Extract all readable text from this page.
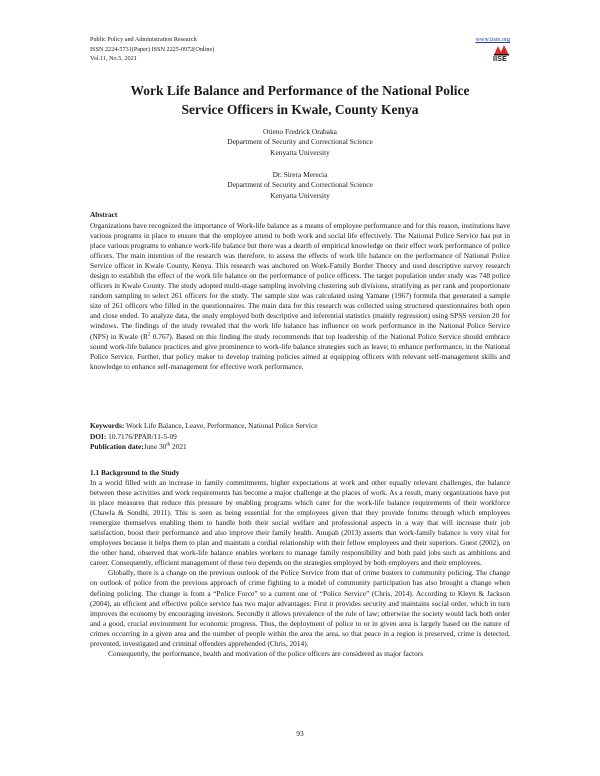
Public Policy and Administration Research
ISSN 2224-5731(Paper) ISSN 2225-0972(Online)
Vol.11, No.5, 2021
www.iiste.org
IISE
Work Life Balance and Performance of the National Police
Service Officers in Kwale, County Kenya
Otieno Fredrick Orabaka
Department of Security and Correctional Science
Kenyatta University
Dr. Sirera Merecia
Department of Security and Correctional Science
Kenyatta University
Abstract
Organizations have recognized the importance of Work-life balance as a means of employee performance and for this reason, institutions have various programs in place to ensure that the employee attend to both work and social life effectively. The National Police Service has put in place various programs to enhance work-life balance but there was a dearth of empirical knowledge on their effect work performance of police officers. The main intention of the research was therefore, to assess the effects of work life balance on the performance of National Police Service officer in Kwale County, Kenya. This research was anchored on Work-Family Border Theory and used descriptive survey research design to establish the effect of the work life balance on the performance of police officers. The target population under study was 748 police officers in Kwale County. The study adopted multi-stage sampling involving clustering sub divisions, stratifying as per rank and proportionate random sampling to select 261 officers for the study. The sample size was calculated using Yamane (1967) formula that generated a sample size of 261 officers who filled in the questionnaires. The main data for this research was collected using structured questionnaires both open and close ended. To analyze data, the study employed both descriptive and inferential statistics (mainly regression) using SPSS version 20 for windows. The findings of the study revealed that the work life balance has influence on work performance in the National Police Service (NPS) in Kwale ($R^2$ 0.767). Based on this finding the study recommends that top leadership of the National Police Service should embrace sound work-life balance practices and give prominence to work-life balance strategies such as leave; to enhance performance, in the National Police Service. Further, that policy maker to develop training policies aimed at equipping officers with relevant self-management skills and knowledge to enhance self-management for effective work performance.
Keywords: Work Life Balance, Leave, Performance, National Police Service
DOI: 10.7176/PPAR/11-5-09
Publication date:June 30th 2021
1.1 Background to the Study

In a world filled with an increase in family commitments, higher expectations at work and other equally relevant challenges, the balance between these activities and work requirements has become a major challenge at the places of work. As a result, many organizations have put in place measures that reduce this pressure by enabling programs which cater for the work-life balance requirements of their workforce (Chawla & Sondhi, 2011). This is seen as being essential for the employees given that they provide forums through which employees reenergize themselves enabling them to handle both their social welfare and professional aspects in a way that will increase their job satisfaction, boost their performance and also improve their family health. Anupah (2013) asserts that work-family balance is very vital for employees because it helps them to plan and maintain a cordial relationship with their fellow employees and their superiors. Guest (2002), on the other hand, observed that work-life balance enables workers to manage family responsibility and both paid jobs such as ambitions and career. Consequently, efficient management of these two depends on the strategies employed by both employers and their employees.

Globally, there is a change on the previous outlook of the Police Service from that of crime busters to community policing. The change on outlook of police from the previous approach of crime fighting to a model of community participation has also brought a change when defining policing. The change is from a “Police Force” to a current one of “Police Service” (Chris, 2014). According to Kleyn & Jackson (2004), an efficient and effective police service has two major advantages: First it provides security and maintains social order, which in turn improves the economy by encouraging investors. Secondly it allows prevalence of the rule of law; otherwise the society would lack both order and a good, crucial environment for economic progress. Thus, the deployment of police to or in given area is largely based on the nature of crimes occurring in a given area and the number of people within the area the area, so that peace in a region is preserved, crime is detected, prevented, investigated and criminal offenders apprehended (Chris, 2014).

Consequently, the performance, health and motivation of the police officers are considered as major factors

93
